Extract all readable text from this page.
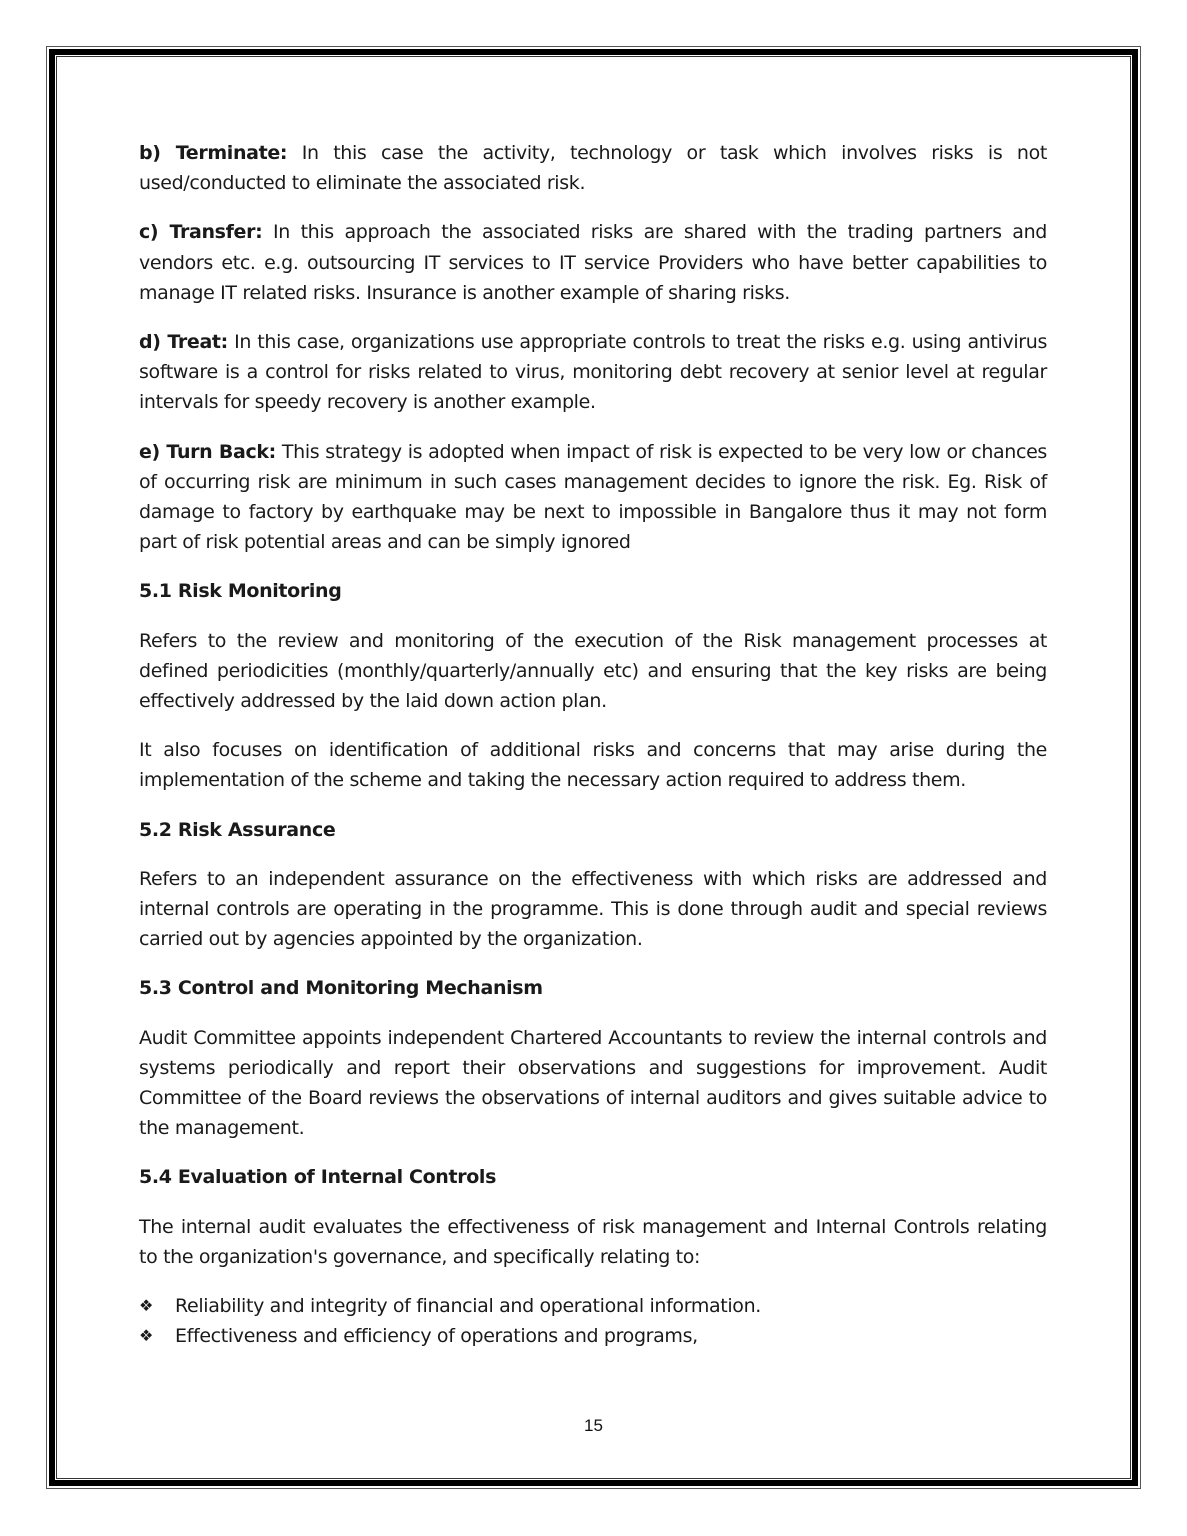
b) Terminate: In this case the activity, technology or task which involves risks is not used/conducted to eliminate the associated risk.

c) Transfer: In this approach the associated risks are shared with the trading partners and vendors etc. e.g. outsourcing IT services to IT service Providers who have better capabilities to manage IT related risks. Insurance is another example of sharing risks.

d) Treat: In this case, organizations use appropriate controls to treat the risks e.g. using antivirus software is a control for risks related to virus, monitoring debt recovery at senior level at regular intervals for speedy recovery is another example.

e) Turn Back: This strategy is adopted when impact of risk is expected to be very low or chances of occurring risk are minimum in such cases management decides to ignore the risk. Eg. Risk of damage to factory by earthquake may be next to impossible in Bangalore thus it may not form part of risk potential areas and can be simply ignored

5.1 Risk Monitoring

Refers to the review and monitoring of the execution of the Risk management processes at defined periodicities (monthly/quarterly/annually etc) and ensuring that the key risks are being effectively addressed by the laid down action plan.

It also focuses on identification of additional risks and concerns that may arise during the implementation of the scheme and taking the necessary action required to address them.

5.2 Risk Assurance

Refers to an independent assurance on the effectiveness with which risks are addressed and internal controls are operating in the programme. This is done through audit and special reviews carried out by agencies appointed by the organization.

5.3 Control and Monitoring Mechanism

Audit Committee appoints independent Chartered Accountants to review the internal controls and systems periodically and report their observations and suggestions for improvement. Audit Committee of the Board reviews the observations of internal auditors and gives suitable advice to the management.

5.4 Evaluation of Internal Controls

The internal audit evaluates the effectiveness of risk management and Internal Controls relating to the organization's governance, and specifically relating to:

❖ Reliability and integrity of financial and operational information.
❖ Effectiveness and efficiency of operations and programs,
15
